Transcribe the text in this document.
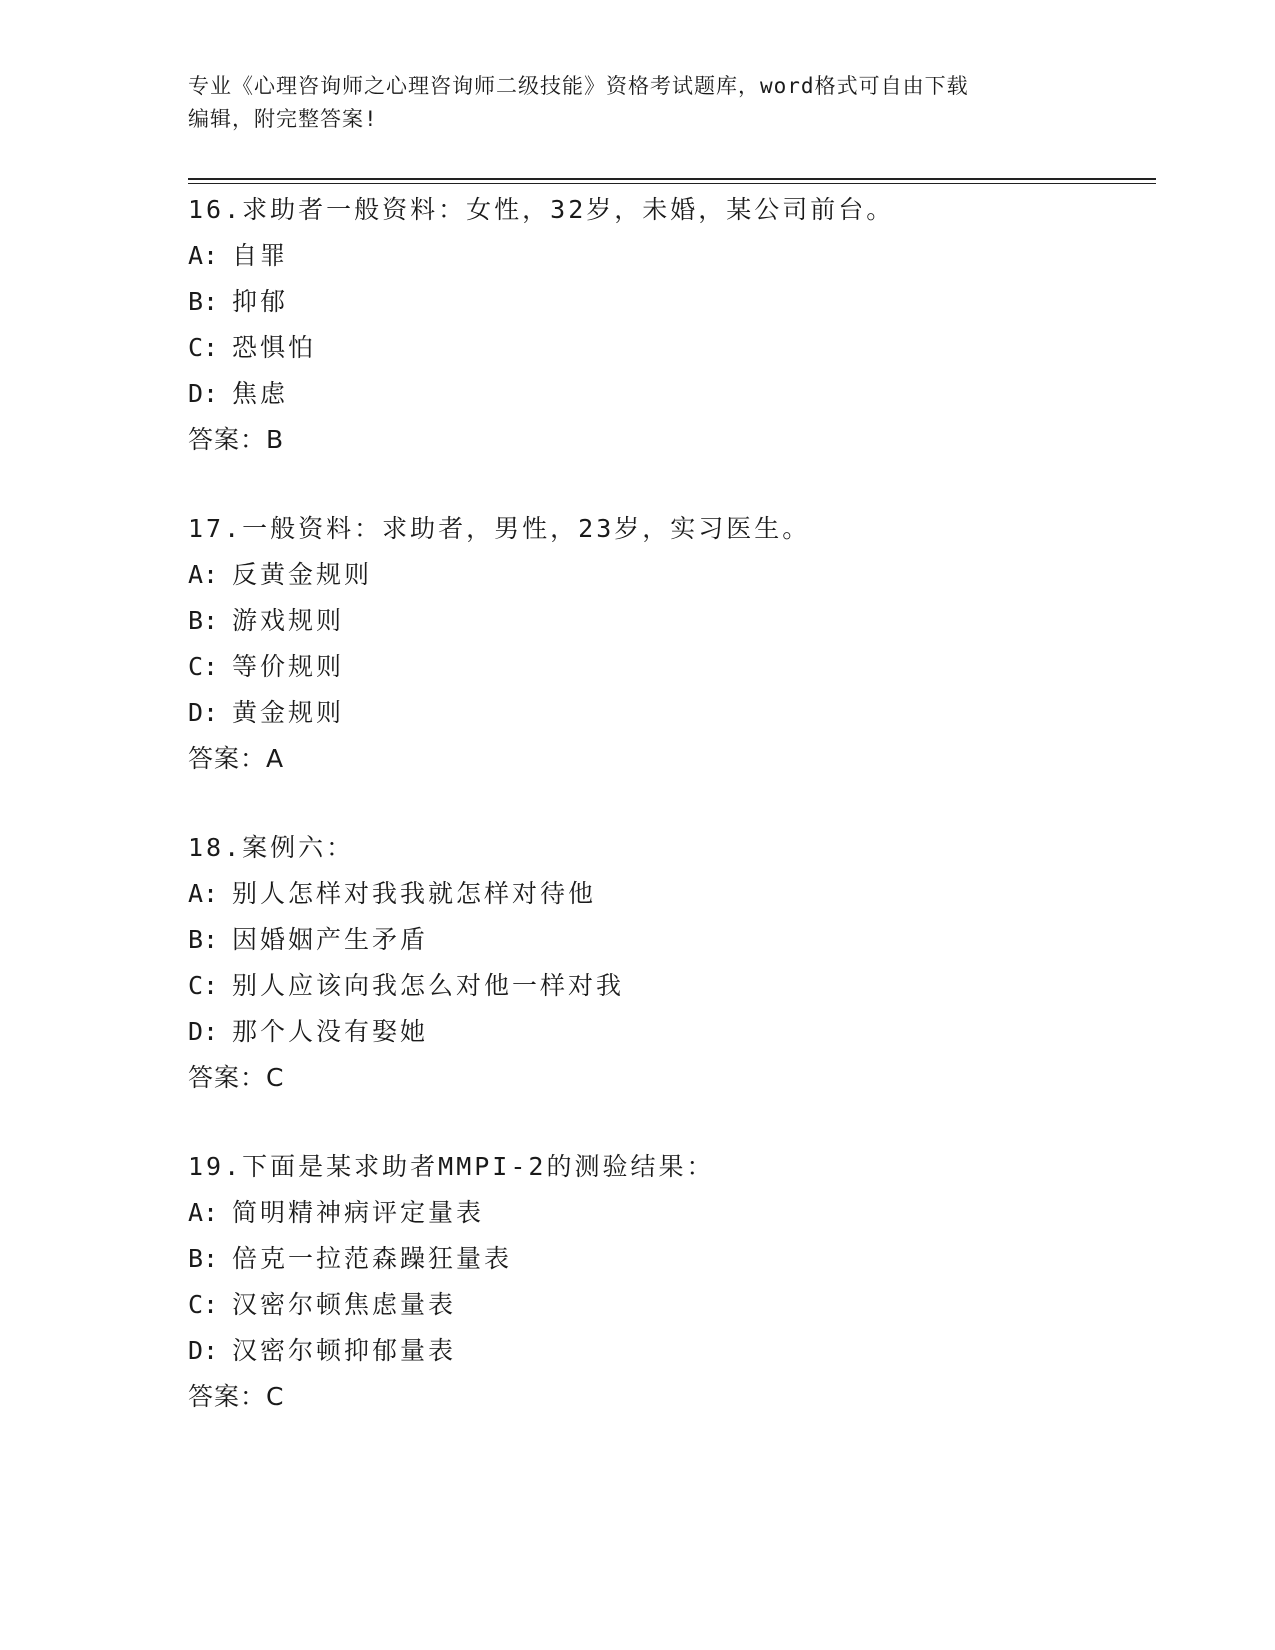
专业《心理咨询师之心理咨询师二级技能》资格考试题库，word格式可自由下载
编辑，附完整答案!
16.求助者一般资料：女性，32岁，未婚，某公司前台。
A: 自罪
B: 抑郁
C: 恐惧怕
D: 焦虑
答案：B
17.一般资料：求助者，男性，23岁，实习医生。
A: 反黄金规则
B: 游戏规则
C: 等价规则
D: 黄金规则
答案：A
18.案例六：
A: 别人怎样对我我就怎样对待他
B: 因婚姻产生矛盾
C: 别人应该向我怎么对他一样对我
D: 那个人没有娶她
答案：C
19.下面是某求助者MMPI-2的测验结果：
A: 简明精神病评定量表
B: 倍克一拉范森躁狂量表
C: 汉密尔顿焦虑量表
D: 汉密尔顿抑郁量表
答案：C
